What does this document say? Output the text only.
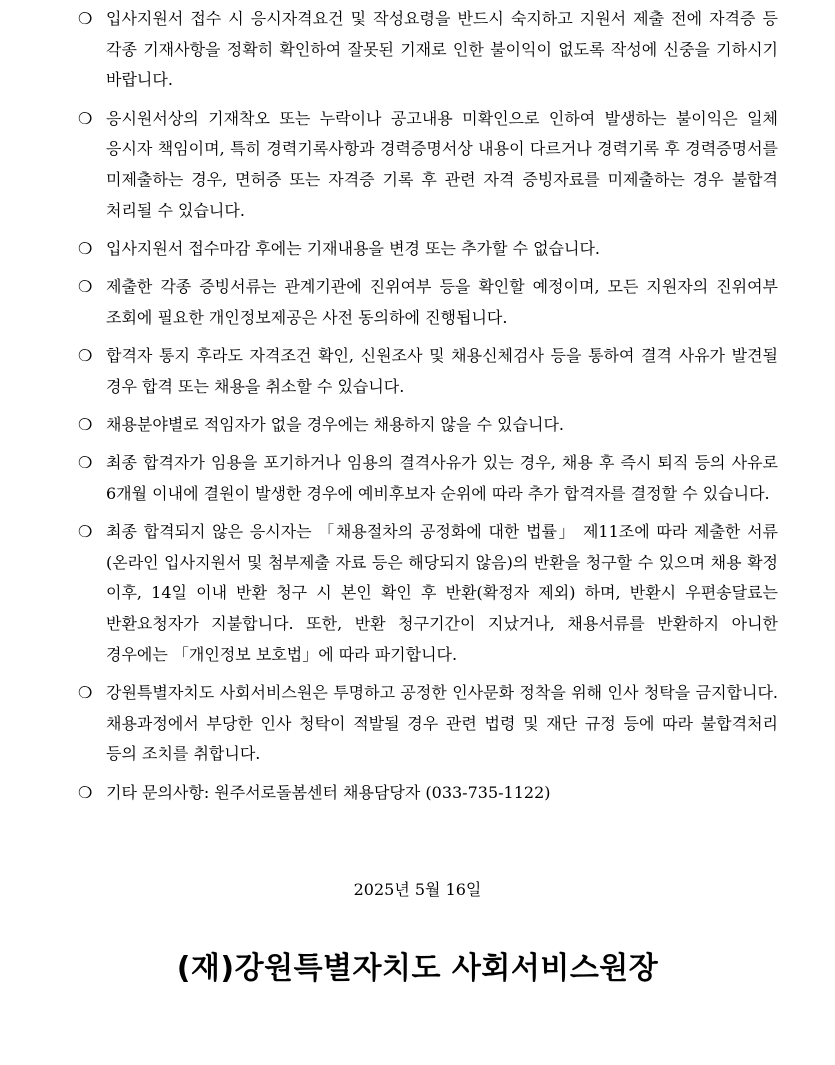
❍ 입사지원서 접수 시 응시자격요건 및 작성요령을 반드시 숙지하고 지원서 제출 전에 자격증 등 각종 기재사항을 정확히 확인하여 잘못된 기재로 인한 불이익이 없도록 작성에 신중을 기하시기 바랍니다.
❍ 응시원서상의 기재착오 또는 누락이나 공고내용 미확인으로 인하여 발생하는 불이익은 일체 응시자 책임이며, 특히 경력기록사항과 경력증명서상 내용이 다르거나 경력기록 후 경력증명서를 미제출하는 경우, 면허증 또는 자격증 기록 후 관련 자격 증빙자료를 미제출하는 경우 불합격 처리될 수 있습니다.
❍ 입사지원서 접수마감 후에는 기재내용을 변경 또는 추가할 수 없습니다.
❍ 제출한 각종 증빙서류는 관계기관에 진위여부 등을 확인할 예정이며, 모든 지원자의 진위여부 조회에 필요한 개인정보제공은 사전 동의하에 진행됩니다.
❍ 합격자 통지 후라도 자격조건 확인, 신원조사 및 채용신체검사 등을 통하여 결격 사유가 발견될 경우 합격 또는 채용을 취소할 수 있습니다.
❍ 채용분야별로 적임자가 없을 경우에는 채용하지 않을 수 있습니다.
❍ 최종 합격자가 임용을 포기하거나 임용의 결격사유가 있는 경우, 채용 후 즉시 퇴직 등의 사유로 6개월 이내에 결원이 발생한 경우에 예비후보자 순위에 따라 추가 합격자를 결정할 수 있습니다.
❍ 최종 합격되지 않은 응시자는 「채용절차의 공정화에 대한 법률」 제11조에 따라 제출한 서류(온라인 입사지원서 및 첨부제출 자료 등은 해당되지 않음)의 반환을 청구할 수 있으며 채용 확정 이후, 14일 이내 반환 청구 시 본인 확인 후 반환(확정자 제외) 하며, 반환시 우편송달료는 반환요청자가 지불합니다. 또한, 반환 청구기간이 지났거나, 채용서류를 반환하지 아니한 경우에는 「개인정보 보호법」에 따라 파기합니다.
❍ 강원특별자치도 사회서비스원은 투명하고 공정한 인사문화 정착을 위해 인사 청탁을 금지합니다. 채용과정에서 부당한 인사 청탁이 적발될 경우 관련 법령 및 재단 규정 등에 따라 불합격처리 등의 조치를 취합니다.
❍ 기타 문의사항: 원주서로돌봄센터 채용담당자 (033-735-1122)
2025년 5월 16일
(재)강원특별자치도 사회서비스원장
